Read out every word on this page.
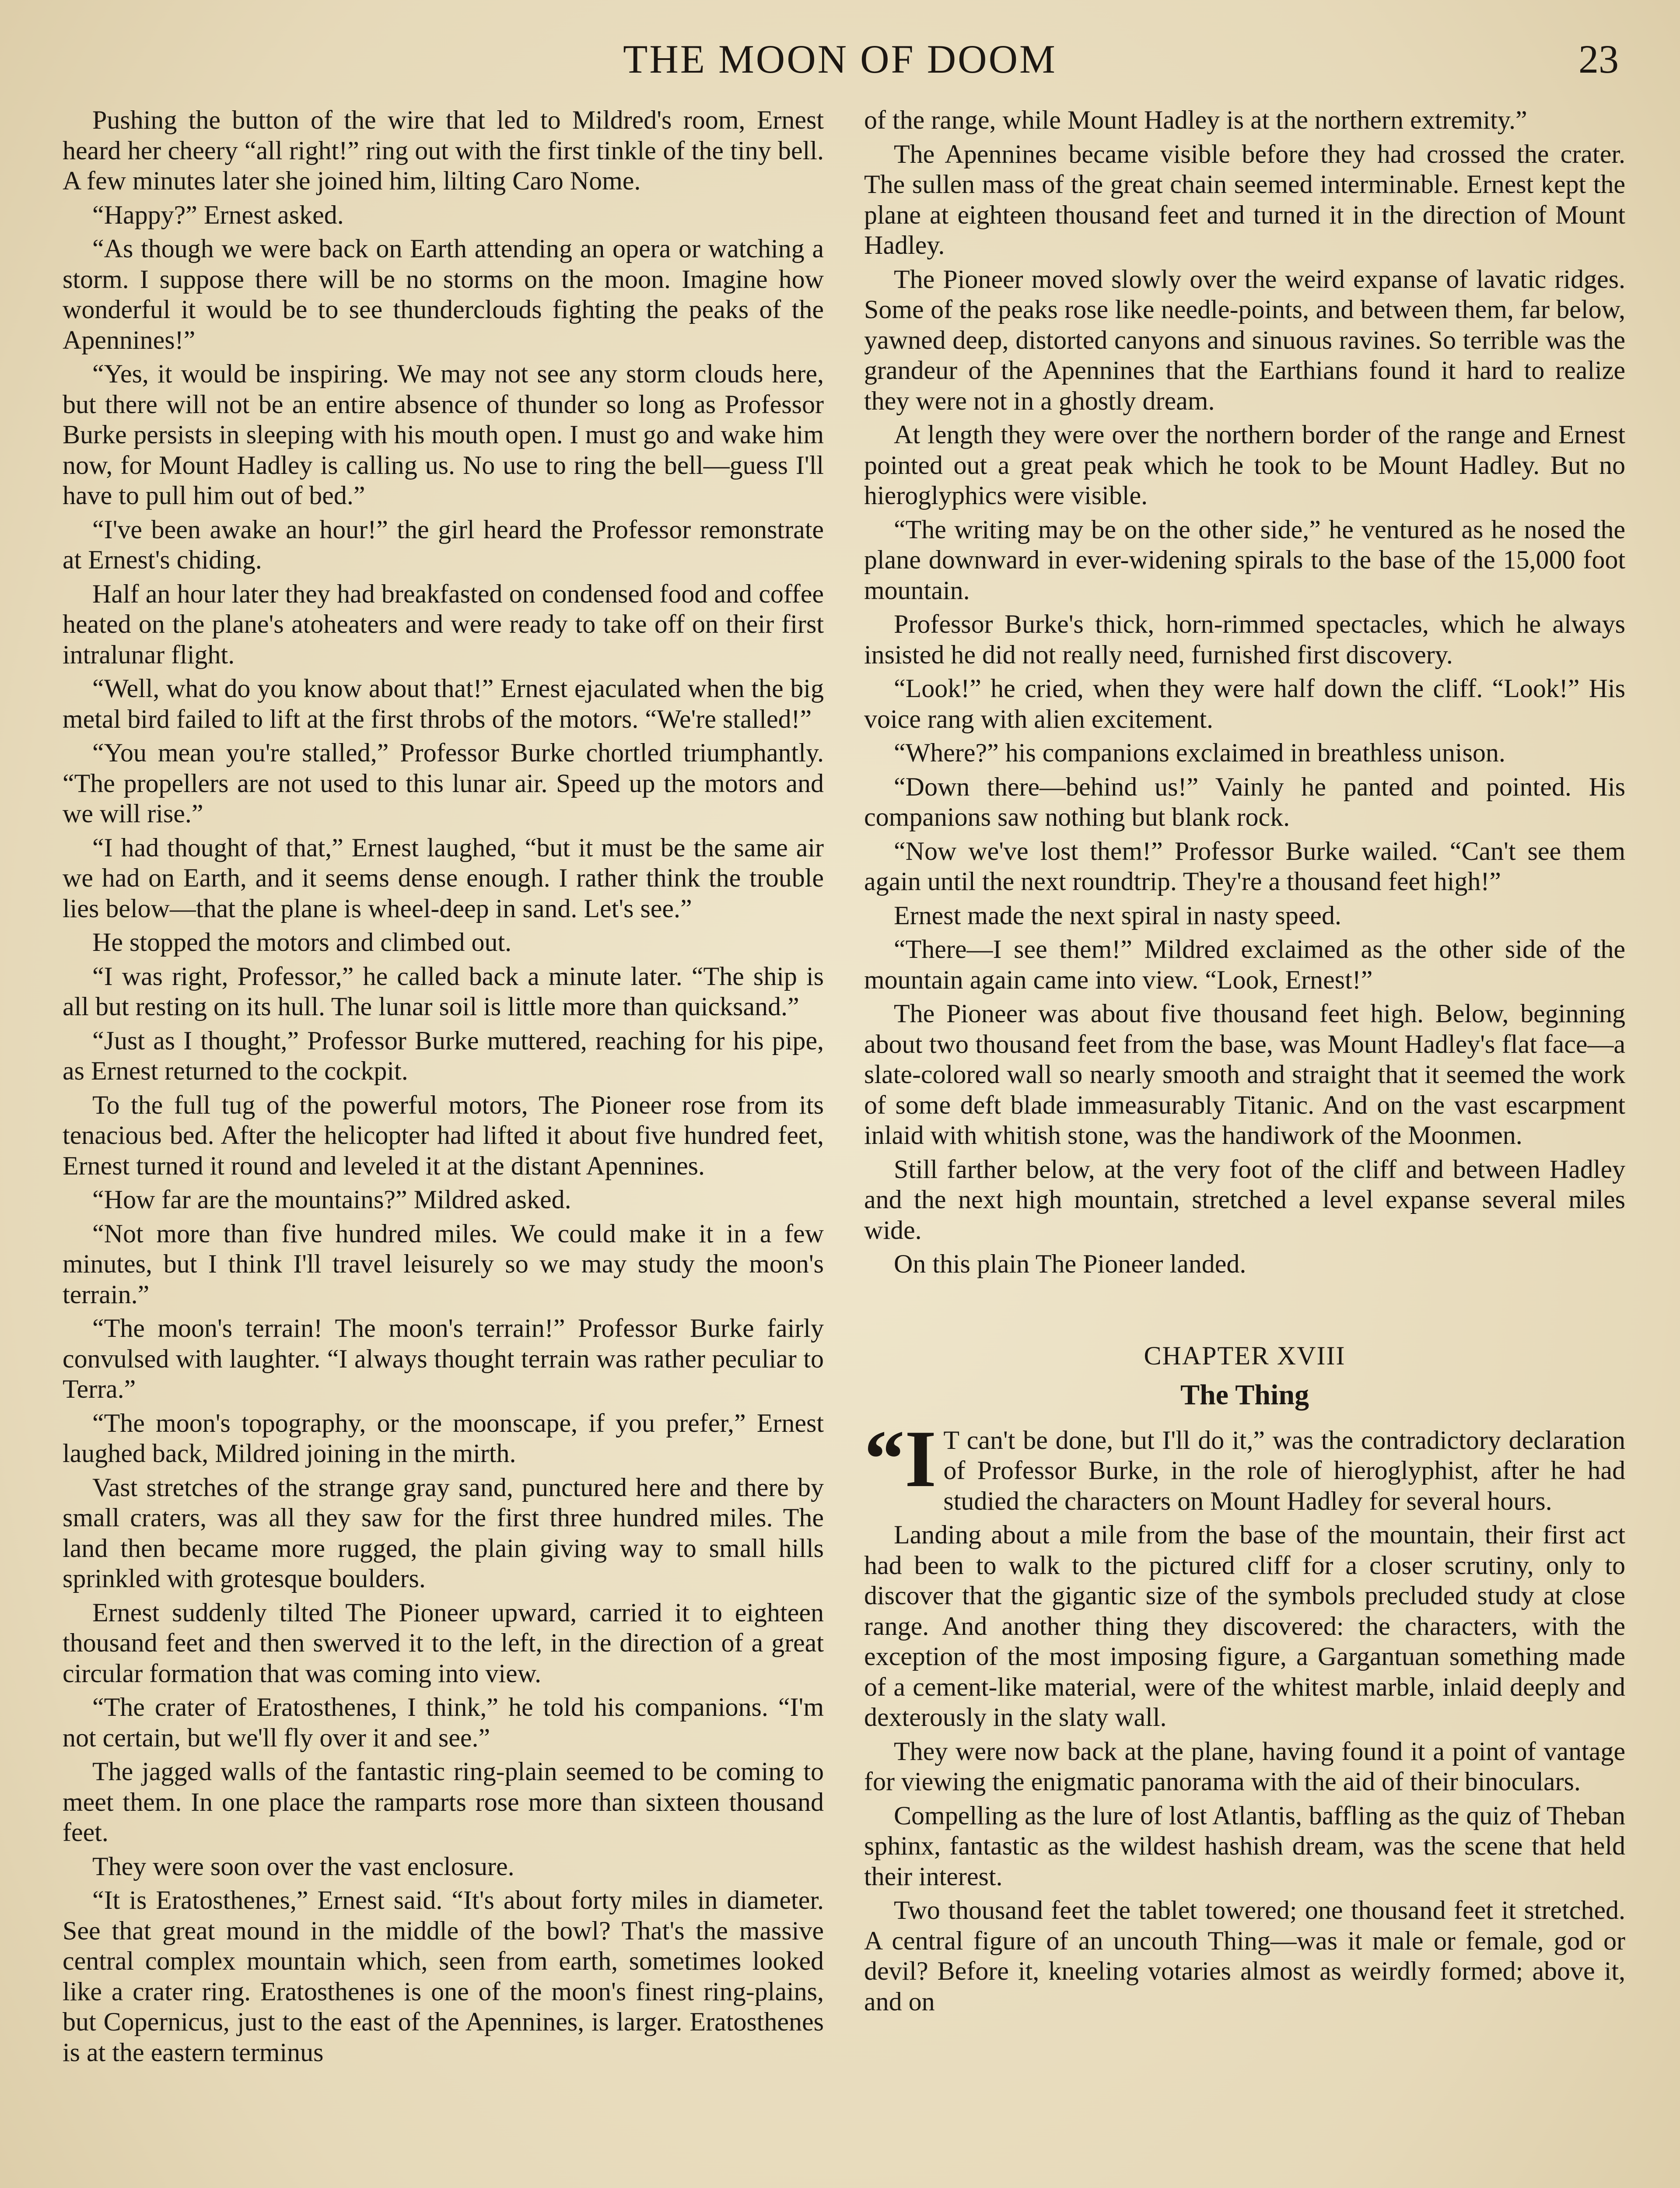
THE MOON OF DOOM	23

Pushing the button of the wire that led to Mildred's room, Ernest heard her cheery “all right!” ring out with the first tinkle of the tiny bell. A few minutes later she joined him, lilting Caro Nome.

“Happy?” Ernest asked.

“As though we were back on Earth attending an opera or watching a storm. I suppose there will be no storms on the moon. Imagine how wonderful it would be to see thunderclouds fighting the peaks of the Apennines!”

“Yes, it would be inspiring. We may not see any storm clouds here, but there will not be an entire absence of thunder so long as Professor Burke persists in sleeping with his mouth open. I must go and wake him now, for Mount Hadley is calling us. No use to ring the bell—guess I'll have to pull him out of bed.”

“I've been awake an hour!” the girl heard the Professor remonstrate at Ernest's chiding.

Half an hour later they had breakfasted on condensed food and coffee heated on the plane's atoheaters and were ready to take off on their first intralunar flight.

“Well, what do you know about that!” Ernest ejaculated when the big metal bird failed to lift at the first throbs of the motors. “We're stalled!”

“You mean you're stalled,” Professor Burke chortled triumphantly. “The propellers are not used to this lunar air. Speed up the motors and we will rise.”

“I had thought of that,” Ernest laughed, “but it must be the same air we had on Earth, and it seems dense enough. I rather think the trouble lies below—that the plane is wheel-deep in sand. Let's see.”

He stopped the motors and climbed out.

“I was right, Professor,” he called back a minute later. “The ship is all but resting on its hull. The lunar soil is little more than quicksand.”

“Just as I thought,” Professor Burke muttered, reaching for his pipe, as Ernest returned to the cockpit.

To the full tug of the powerful motors, The Pioneer rose from its tenacious bed. After the helicopter had lifted it about five hundred feet, Ernest turned it round and leveled it at the distant Apennines.

“How far are the mountains?” Mildred asked.

“Not more than five hundred miles. We could make it in a few minutes, but I think I'll travel leisurely so we may study the moon's terrain.”

“The moon's terrain! The moon's terrain!” Professor Burke fairly convulsed with laughter. “I always thought terrain was rather peculiar to Terra.”

“The moon's topography, or the moonscape, if you prefer,” Ernest laughed back, Mildred joining in the mirth.

Vast stretches of the strange gray sand, punctured here and there by small craters, was all they saw for the first three hundred miles. The land then became more rugged, the plain giving way to small hills sprinkled with grotesque boulders.

Ernest suddenly tilted The Pioneer upward, carried it to eighteen thousand feet and then swerved it to the left, in the direction of a great circular formation that was coming into view.

“The crater of Eratosthenes, I think,” he told his companions. “I'm not certain, but we'll fly over it and see.”

The jagged walls of the fantastic ring-plain seemed to be coming to meet them. In one place the ramparts rose more than sixteen thousand feet.

They were soon over the vast enclosure.

“It is Eratosthenes,” Ernest said. “It's about forty miles in diameter. See that great mound in the middle of the bowl? That's the massive central complex mountain which, seen from earth, sometimes looked like a crater ring. Eratosthenes is one of the moon's finest ring-plains, but Copernicus, just to the east of the Apennines, is larger. Eratosthenes is at the eastern terminus

of the range, while Mount Hadley is at the northern extremity.”

The Apennines became visible before they had crossed the crater. The sullen mass of the great chain seemed interminable. Ernest kept the plane at eighteen thousand feet and turned it in the direction of Mount Hadley.

The Pioneer moved slowly over the weird expanse of lavatic ridges. Some of the peaks rose like needle-points, and between them, far below, yawned deep, distorted canyons and sinuous ravines. So terrible was the grandeur of the Apennines that the Earthians found it hard to realize they were not in a ghostly dream.

At length they were over the northern border of the range and Ernest pointed out a great peak which he took to be Mount Hadley. But no hieroglyphics were visible.

“The writing may be on the other side,” he ventured as he nosed the plane downward in ever-widening spirals to the base of the 15,000 foot mountain.

Professor Burke's thick, horn-rimmed spectacles, which he always insisted he did not really need, furnished first discovery.

“Look!” he cried, when they were half down the cliff. “Look!” His voice rang with alien excitement.

“Where?” his companions exclaimed in breathless unison.

“Down there—behind us!” Vainly he panted and pointed. His companions saw nothing but blank rock.

“Now we've lost them!” Professor Burke wailed. “Can't see them again until the next roundtrip. They're a thousand feet high!”

Ernest made the next spiral in nasty speed.

“There—I see them!” Mildred exclaimed as the other side of the mountain again came into view. “Look, Ernest!”

The Pioneer was about five thousand feet high. Below, beginning about two thousand feet from the base, was Mount Hadley's flat face—a slate-colored wall so nearly smooth and straight that it seemed the work of some deft blade immeasurably Titanic. And on the vast escarpment inlaid with whitish stone, was the handiwork of the Moonmen.

Still farther below, at the very foot of the cliff and between Hadley and the next high mountain, stretched a level expanse several miles wide.

On this plain The Pioneer landed.

CHAPTER XVIII
The Thing

“I T can't be done, but I'll do it,” was the contradictory declaration of Professor Burke, in the role of hieroglyphist, after he had studied the characters on Mount Hadley for several hours.

Landing about a mile from the base of the mountain, their first act had been to walk to the pictured cliff for a closer scrutiny, only to discover that the gigantic size of the symbols precluded study at close range. And another thing they discovered: the characters, with the exception of the most imposing figure, a Gargantuan something made of a cement-like material, were of the whitest marble, inlaid deeply and dexterously in the slaty wall.

They were now back at the plane, having found it a point of vantage for viewing the enigmatic panorama with the aid of their binoculars.

Compelling as the lure of lost Atlantis, baffling as the quiz of Theban sphinx, fantastic as the wildest hashish dream, was the scene that held their interest.

Two thousand feet the tablet towered; one thousand feet it stretched. A central figure of an uncouth Thing—was it male or female, god or devil? Before it, kneeling votaries almost as weirdly formed; above it, and on
